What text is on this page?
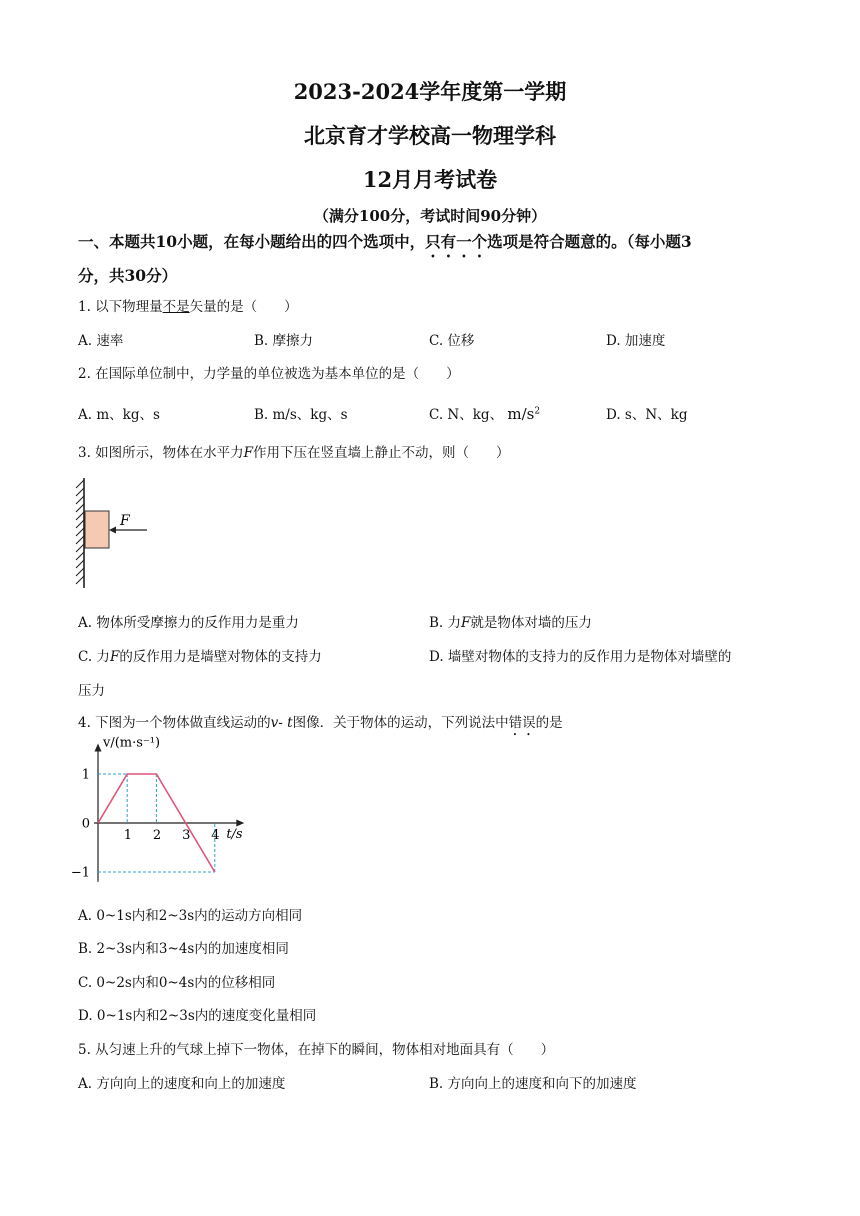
2023-2024学年度第一学期
北京育才学校高一物理学科
12月月考试卷
（满分100分，考试时间90分钟）
一、本题共10小题，在每小题给出的四个选项中，只有一个选项是符合题意的。（每小题3
分，共30分）
1. 以下物理量不是矢量的是（　　）
A. 速率	B. 摩擦力	C. 位移	D. 加速度
2. 在国际单位制中，力学量的单位被选为基本单位的是（　　）
A. m、kg、s	B. m/s、kg、s	C. N、kg、 $m/s^2$	D. s、N、kg
3. 如图所示，物体在水平力F作用下压在竖直墙上静止不动，则（　　）
F
A. 物体所受摩擦力的反作用力是重力	B. 力F就是物体对墙的压力
C. 力F的反作用力是墙壁对物体的支持力	D. 墙壁对物体的支持力的反作用力是物体对墙壁的
压力
4. 下图为一个物体做直线运动的v- t图像．关于物体的运动，下列说法中错误的是
1 2 3 4
1
0
−1
v/(m·s⁻¹)
t/s
A. 0~1s内和2~3s内的运动方向相同
B. 2~3s内和3~4s内的加速度相同
C. 0~2s内和0~4s内的位移相同
D. 0~1s内和2~3s内的速度变化量相同
5. 从匀速上升的气球上掉下一物体，在掉下的瞬间，物体相对地面具有（　　）
A. 方向向上的速度和向上的加速度	B. 方向向上的速度和向下的加速度
